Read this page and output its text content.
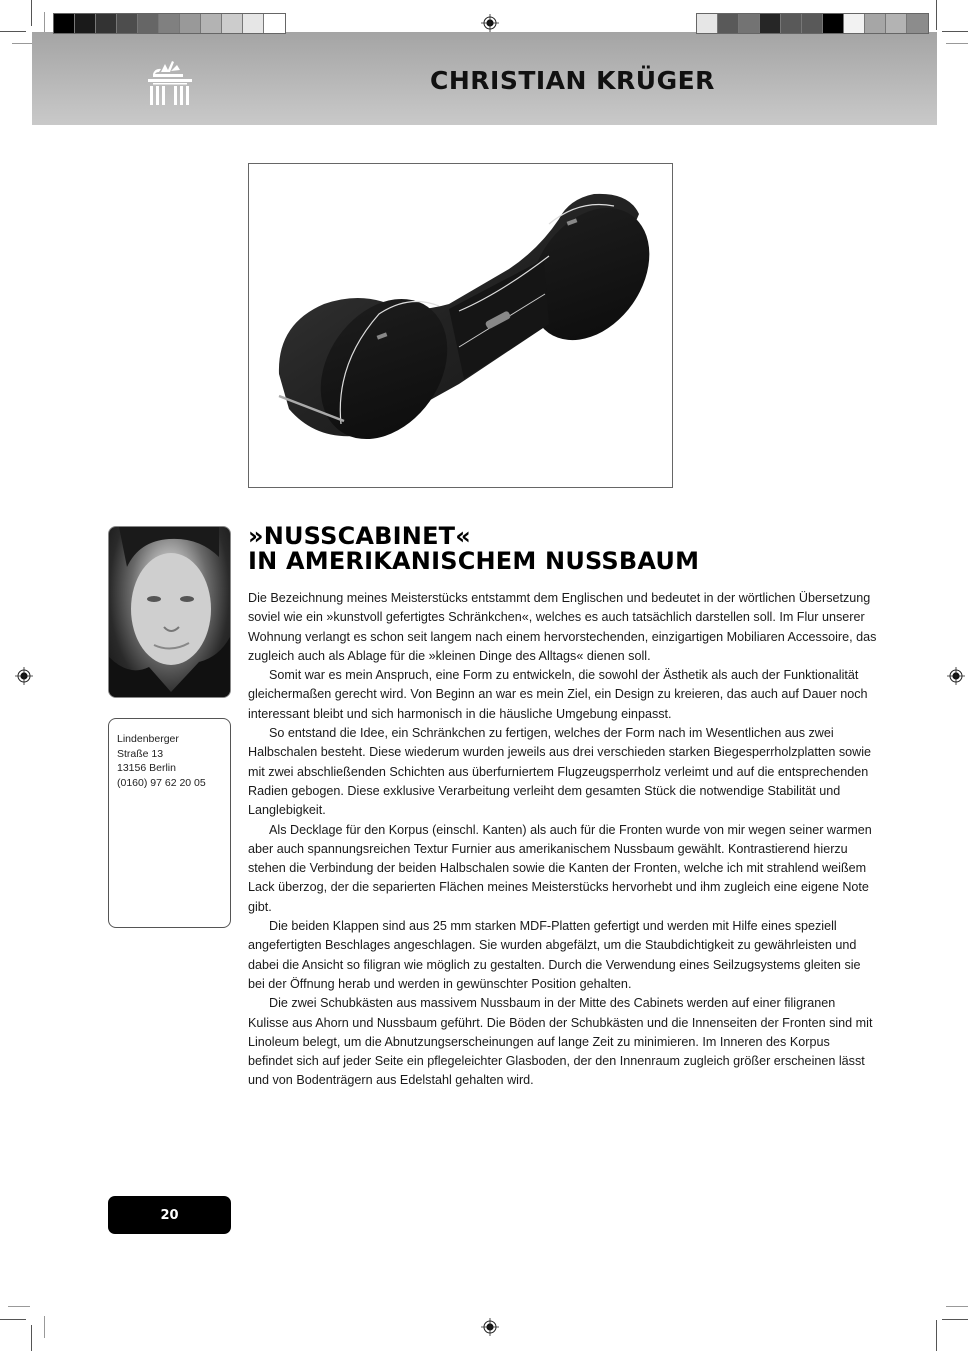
CHRISTIAN KRÜGER
Lindenberger
Straße 13
13156 Berlin
(0160) 97 62 20 05
»NUSSCABINET«
IN AMERIKANISCHEM NUSSBAUM

Die Bezeichnung meines Meisterstücks entstammt dem Englischen und bedeutet in der wörtlichen Übersetzung soviel wie ein »kunstvoll gefertigtes Schränkchen«, welches es auch tatsächlich darstellen soll. Im Flur unserer Wohnung verlangt es schon seit langem nach einem hervorstechenden, einzigartigen Mobiliaren Accessoire, das zugleich auch als Ablage für die »kleinen Dinge des Alltags« dienen soll.

Somit war es mein Anspruch, eine Form zu entwickeln, die sowohl der Ästhetik als auch der Funktionalität gleichermaßen gerecht wird. Von Beginn an war es mein Ziel, ein Design zu kreieren, das auch auf Dauer noch interessant bleibt und sich harmonisch in die häusliche Umgebung einpasst.

So entstand die Idee, ein Schränkchen zu fertigen, welches der Form nach im Wesentlichen aus zwei Halbschalen besteht. Diese wiederum wurden jeweils aus drei verschieden starken Biegesperrholzplatten sowie mit zwei abschließenden Schichten aus überfurniertem Flugzeugsperrholz verleimt und auf die entsprechenden Radien gebogen. Diese exklusive Verarbeitung verleiht dem gesamten Stück die notwendige Stabilität und Langlebigkeit.

Als Decklage für den Korpus (einschl. Kanten) als auch für die Fronten wurde von mir wegen seiner warmen aber auch spannungsreichen Textur Furnier aus amerikanischem Nussbaum gewählt. Kontrastierend hierzu stehen die Verbindung der beiden Halbschalen sowie die Kanten der Fronten, welche ich mit strahlend weißem Lack überzog, der die separierten Flächen meines Meisterstücks hervorhebt und ihm zugleich eine eigene Note gibt.

Die beiden Klappen sind aus 25 mm starken MDF-Platten gefertigt und werden mit Hilfe eines speziell angefertigten Beschlages angeschlagen. Sie wurden abgefälzt, um die Staubdichtigkeit zu gewährleisten und dabei die Ansicht so filigran wie möglich zu gestalten. Durch die Verwendung eines Seilzugsystems gleiten sie bei der Öffnung herab und werden in gewünschter Position gehalten.

Die zwei Schubkästen aus massivem Nussbaum in der Mitte des Cabinets werden auf einer filigranen Kulisse aus Ahorn und Nussbaum geführt. Die Böden der Schubkästen und die Innenseiten der Fronten sind mit Linoleum belegt, um die Abnutzungserscheinungen auf lange Zeit zu minimieren. Im Inneren des Korpus befindet sich auf jeder Seite ein pflegeleichter Glasboden, der den Innenraum zugleich größer erscheinen lässt und von Bodenträgern aus Edelstahl gehalten wird.

20
